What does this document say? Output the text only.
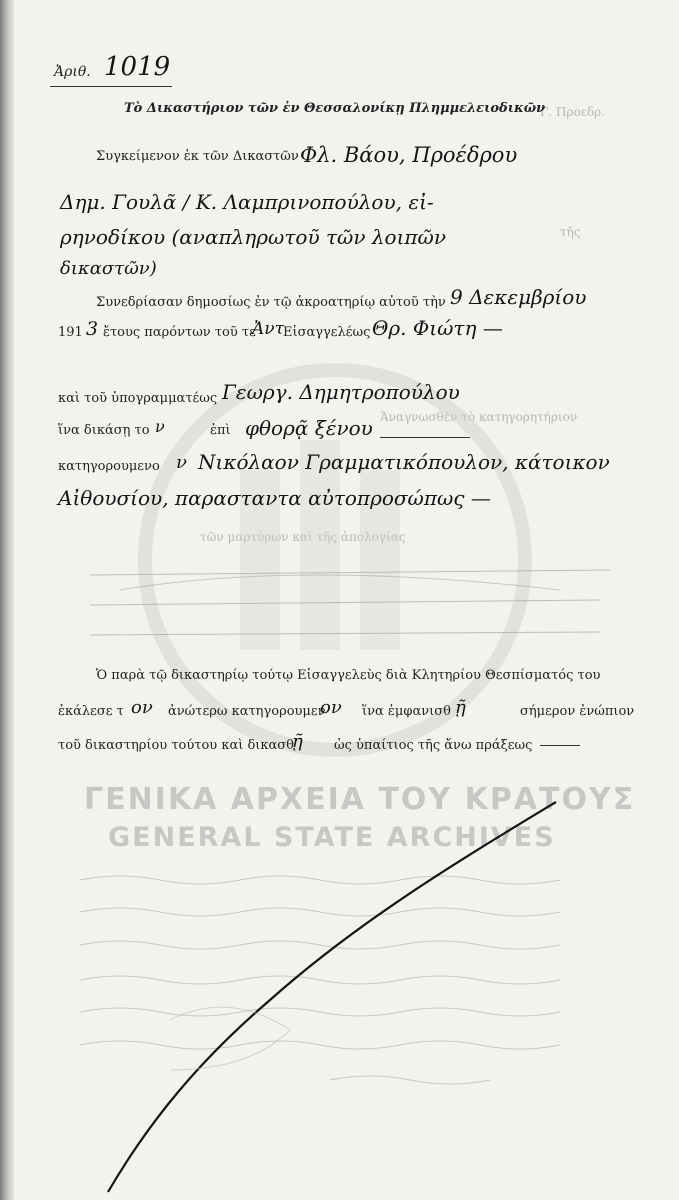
Γ. Προεδρ.
τῆς
Ἀναγνωσθὲν τὸ κατηγορητήριον
τῶν μαρτύρων καὶ τῆς ἀπολογίας
Ἀριθ. 1019
Τὸ Δικαστήριον τῶν ἐν Θεσσαλονίκῃ Πλημμελειοδικῶν
Συγκείμενον ἐκ τῶν Δικαστῶν Φλ. Βάου, Προέδρου
Δημ. Γουλᾶ / Κ. Λαμπρινοπούλου, εἰ-
ρηνοδίκου (αναπληρωτοῦ τῶν λοιπῶν
δικαστῶν)
Συνεδρίασαν δημοσίως ἐν τῷ ἀκροατηρίῳ αὐτοῦ τὴν 9 Δεκεμβρίου
191 3 ἔτους παρόντων τοῦ τε
Ἀντ
Εἰσαγγελέως Θρ. Φιώτη —
καὶ τοῦ ὑπογραμματέως Γεωργ. Δημητροπούλου
ἵνα δικάσῃ το ν	ἐπὶ φθορᾷ ξένου
κατηγορουμενο ν Νικόλαον Γραμματικόπουλον, κάτοικον
Αἰθουσίου, παρασταντα αὐτοπροσώπως —
Ὁ παρὰ τῷ δικαστηρίῳ τούτῳ Εἰσαγγελεὺς διὰ Κλητηρίου Θεσπίσματός του
ἐκάλεσε τ ον ἀνώτερω κατηγορουμεν
ον ἵνα ἐμφανισθ ῇ	σήμερον ἐνώπιον
τοῦ δικαστηρίου τούτου καὶ δικασθ
ῇ ὡς ὑπαίτιος τῆς ἄνω πράξεως
ΓΕΝΙΚΑ ΑΡΧΕΙΑ ΤΟΥ ΚΡΑΤΟΥΣ
GENERAL STATE ARCHIVES
